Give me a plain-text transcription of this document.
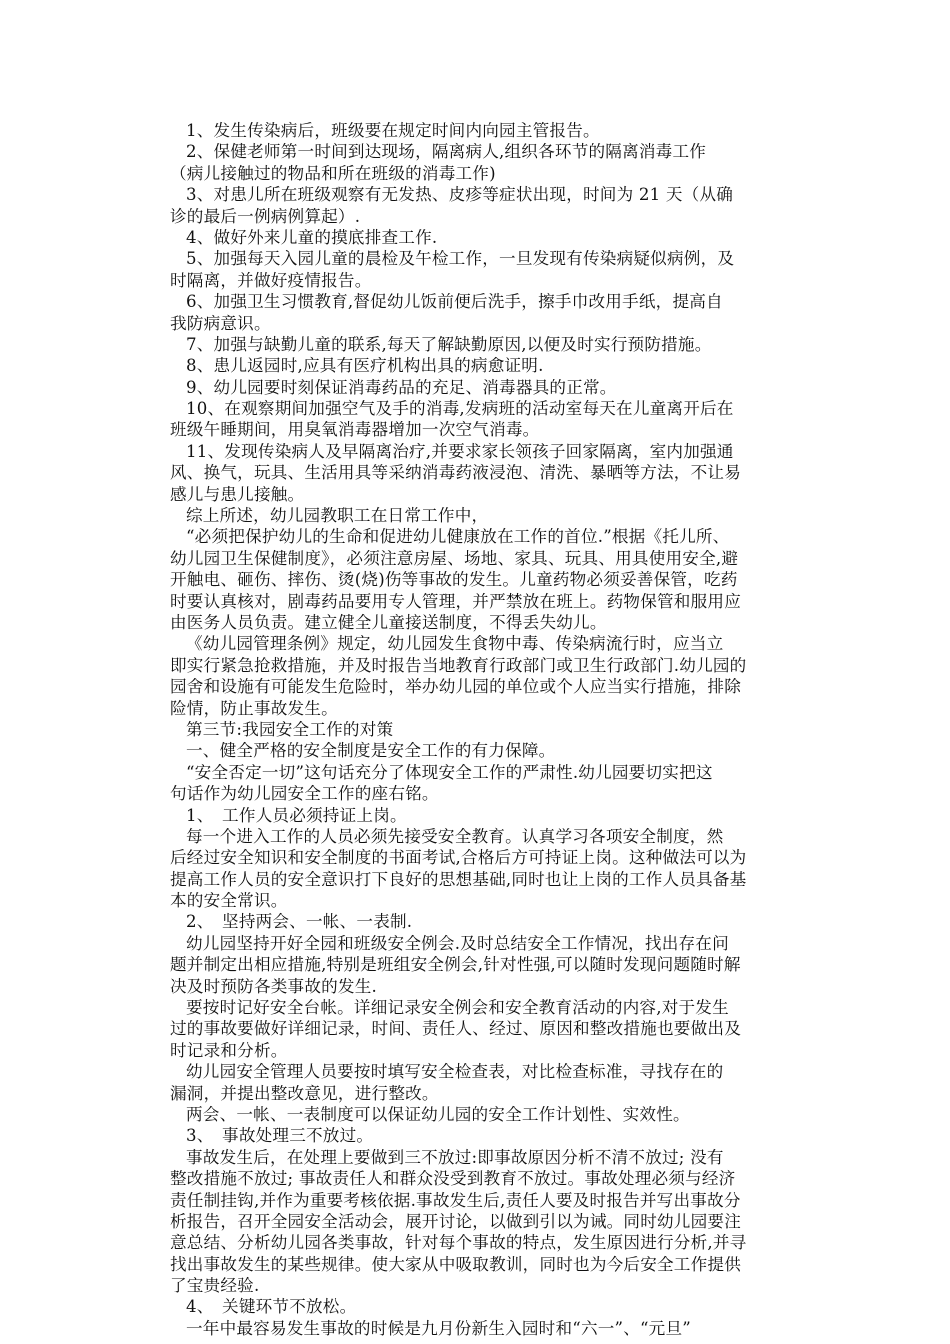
1、发生传染病后，班级要在规定时间内向园主管报告。
2、保健老师第一时间到达现场，隔离病人,组织各环节的隔离消毒工作
（病儿接触过的物品和所在班级的消毒工作)
3、对患儿所在班级观察有无发热、皮疹等症状出现，时间为 21 天（从确
诊的最后一例病例算起）.
4、做好外来儿童的摸底排查工作.
5、加强每天入园儿童的晨检及午检工作，一旦发现有传染病疑似病例，及
时隔离，并做好疫情报告。
6、加强卫生习惯教育,督促幼儿饭前便后洗手，擦手巾改用手纸，提高自
我防病意识。
7、加强与缺勤儿童的联系,每天了解缺勤原因,以便及时实行预防措施。
8、患儿返园时,应具有医疗机构出具的病愈证明.
9、幼儿园要时刻保证消毒药品的充足、消毒器具的正常。
10、在观察期间加强空气及手的消毒,发病班的活动室每天在儿童离开后在
班级午睡期间，用臭氧消毒器增加一次空气消毒。
11、发现传染病人及早隔离治疗,并要求家长领孩子回家隔离，室内加强通
风、换气，玩具、生活用具等采纳消毒药液浸泡、清洗、暴晒等方法，不让易
感儿与患儿接触。
综上所述，幼儿园教职工在日常工作中，
“必须把保护幼儿的生命和促进幼儿健康放在工作的首位.”根据《托儿所、
幼儿园卫生保健制度》，必须注意房屋、场地、家具、玩具、用具使用安全,避
开触电、砸伤、摔伤、烫(烧)伤等事故的发生。儿童药物必须妥善保管，吃药
时要认真核对，剧毒药品要用专人管理，并严禁放在班上。药物保管和服用应
由医务人员负责。建立健全儿童接送制度，不得丢失幼儿。
《幼儿园管理条例》规定，幼儿园发生食物中毒、传染病流行时，应当立
即实行紧急抢救措施，并及时报告当地教育行政部门或卫生行政部门.幼儿园的
园舍和设施有可能发生危险时，举办幼儿园的单位或个人应当实行措施，排除
险情，防止事故发生。
第三节:我园安全工作的对策
一、健全严格的安全制度是安全工作的有力保障。
“安全否定一切”这句话充分了体现安全工作的严肃性.幼儿园要切实把这
句话作为幼儿园安全工作的座右铭。
1、　工作人员必须持证上岗。
每一个进入工作的人员必须先接受安全教育。认真学习各项安全制度，然
后经过安全知识和安全制度的书面考试,合格后方可持证上岗。这种做法可以为
提高工作人员的安全意识打下良好的思想基础,同时也让上岗的工作人员具备基
本的安全常识。
2、　坚持两会、一帐、一表制.
幼儿园坚持开好全园和班级安全例会.及时总结安全工作情况，找出存在问
题并制定出相应措施,特别是班组安全例会,针对性强,可以随时发现问题随时解
决及时预防各类事故的发生.
要按时记好安全台帐。详细记录安全例会和安全教育活动的内容,对于发生
过的事故要做好详细记录，时间、责任人、经过、原因和整改措施也要做出及
时记录和分析。
幼儿园安全管理人员要按时填写安全检查表，对比检查标准，寻找存在的
漏洞，并提出整改意见，进行整改。
两会、一帐、一表制度可以保证幼儿园的安全工作计划性、实效性。
3、　事故处理三不放过。
事故发生后，在处理上要做到三不放过:即事故原因分析不清不放过; 没有
整改措施不放过; 事故责任人和群众没受到教育不放过。事故处理必须与经济
责任制挂钩,并作为重要考核依据.事故发生后,责任人要及时报告并写出事故分
析报告，召开全园安全活动会，展开讨论，以做到引以为诫。同时幼儿园要注
意总结、分析幼儿园各类事故，针对每个事故的特点，发生原因进行分析,并寻
找出事故发生的某些规律。使大家从中吸取教训，同时也为今后安全工作提供
了宝贵经验.
4、　关键环节不放松。
一年中最容易发生事故的时候是九月份新生入园时和“六一”、“元旦”
